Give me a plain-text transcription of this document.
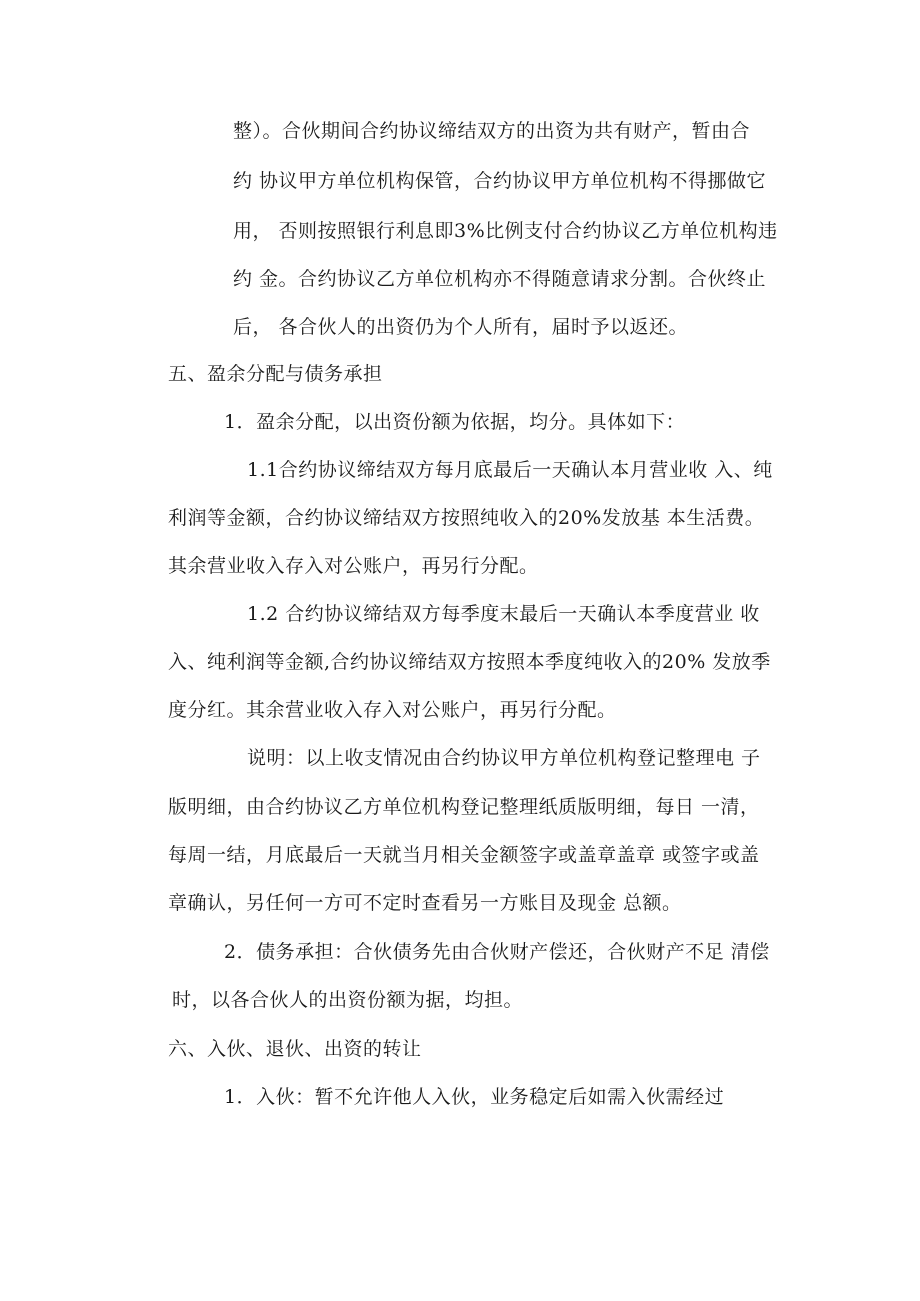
整）。合伙期间合约协议缔结双方的出资为共有财产，暂由合
约 协议甲方单位机构保管，合约协议甲方单位机构不得挪做它
用， 否则按照银行利息即3%比例支付合约协议乙方单位机构违
约 金。合约协议乙方单位机构亦不得随意请求分割。合伙终止
后， 各合伙人的出资仍为个人所有，届时予以返还。
五、盈余分配与债务承担
1．盈余分配，以出资份额为依据，均分。具体如下：
1.1合约协议缔结双方每月底最后一天确认本月营业收 入、纯
利润等金额，合约协议缔结双方按照纯收入的20%发放基 本生活费。
其余营业收入存入对公账户，再另行分配。
1.2 合约协议缔结双方每季度末最后一天确认本季度营业 收
入、纯利润等金额,合约协议缔结双方按照本季度纯收入的20% 发放季
度分红。其余营业收入存入对公账户，再另行分配。
说明：以上收支情况由合约协议甲方单位机构登记整理电 子
版明细，由合约协议乙方单位机构登记整理纸质版明细，每日 一清，
每周一结，月底最后一天就当月相关金额签字或盖章盖章 或签字或盖
章确认，另任何一方可不定时查看另一方账目及现金 总额。
2．债务承担：合伙债务先由合伙财产偿还，合伙财产不足 清偿
时，以各合伙人的出资份额为据，均担。
六、入伙、退伙、出资的转让
1．入伙：暂不允许他人入伙，业务稳定后如需入伙需经过
